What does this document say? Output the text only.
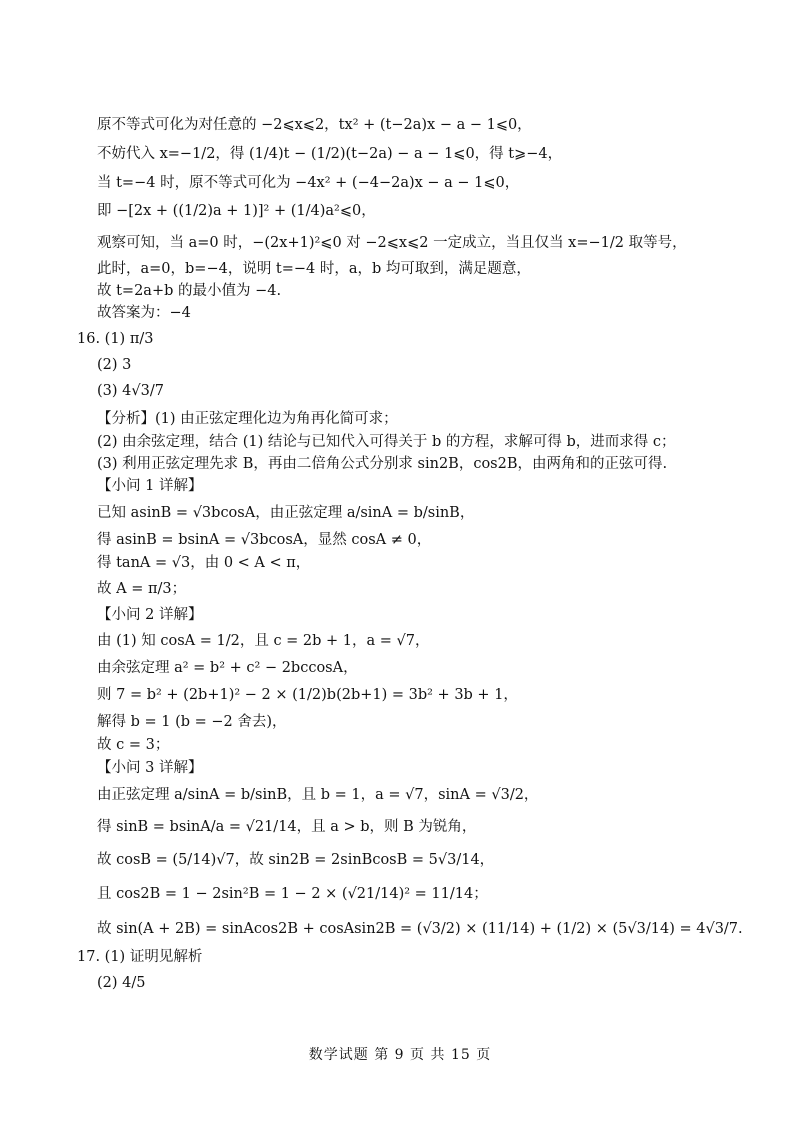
原不等式可化为对任意的 −2⩽x⩽2，tx² + (t−2a)x − a − 1⩽0，
不妨代入 x=−1/2，得 (1/4)t − (1/2)(t−2a) − a − 1⩽0，得 t⩾−4，
当 t=−4 时，原不等式可化为 −4x² + (−4−2a)x − a − 1⩽0，
即 −[2x + ((1/2)a + 1)]² + (1/4)a²⩽0，
观察可知，当 a=0 时，−(2x+1)²⩽0 对 −2⩽x⩽2 一定成立，当且仅当 x=−1/2 取等号，
此时，a=0，b=−4，说明 t=−4 时，a，b 均可取到，满足题意，
故 t=2a+b 的最小值为 −4.
故答案为：−4
16. (1) π/3
(2) 3
(3) 4√3/7
【分析】(1) 由正弦定理化边为角再化简可求；
(2) 由余弦定理，结合 (1) 结论与已知代入可得关于 b 的方程，求解可得 b，进而求得 c；
(3) 利用正弦定理先求 B，再由二倍角公式分别求 sin2B，cos2B，由两角和的正弦可得.
【小问 1 详解】
已知 asinB = √3bcosA，由正弦定理 a/sinA = b/sinB，
得 asinB = bsinA = √3bcosA，显然 cosA ≠ 0，
得 tanA = √3，由 0 < A < π，
故 A = π/3；
【小问 2 详解】
由 (1) 知 cosA = 1/2，且 c = 2b + 1，a = √7，
由余弦定理 a² = b² + c² − 2bccosA，
则 7 = b² + (2b+1)² − 2 × (1/2)b(2b+1) = 3b² + 3b + 1，
解得 b = 1 (b = −2 舍去)，
故 c = 3；
【小问 3 详解】
由正弦定理 a/sinA = b/sinB，且 b = 1，a = √7，sinA = √3/2，
得 sinB = bsinA/a = √21/14，且 a > b，则 B 为锐角，
故 cosB = (5/14)√7，故 sin2B = 2sinBcosB = 5√3/14，
且 cos2B = 1 − 2sin²B = 1 − 2 × (√21/14)² = 11/14；
故 sin(A + 2B) = sinAcos2B + cosAsin2B = (√3/2) × (11/14) + (1/2) × (5√3/14) = 4√3/7.
17. (1) 证明见解析
(2) 4/5
数学试题 第 9 页 共 15 页
